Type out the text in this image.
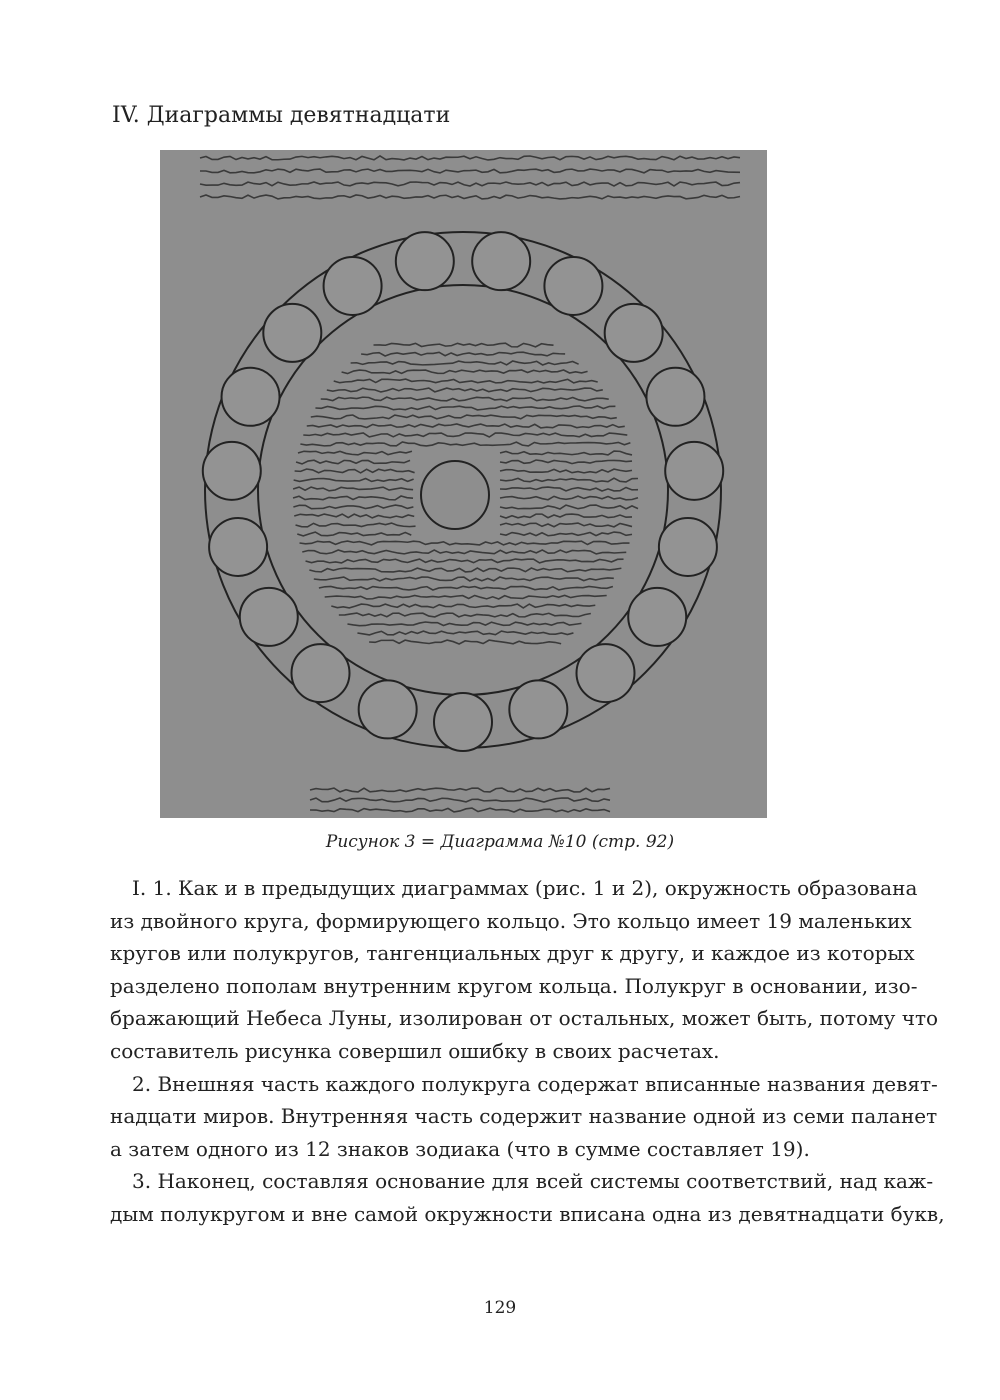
IV. Диаграммы девятнадцати
Рисунок 3 = Диаграмма №10 (стр. 92)
I. 1. Как и в предыдущих диаграммах (рис. 1 и 2), окружность образована
из двойного круга, формирующего кольцо. Это кольцо имеет 19 маленьких
кругов или полукругов, тангенциальных друг к другу, и каждое из которых
разделено пополам внутренним кругом кольца. Полукруг в основании, изо-
бражающий Небеса Луны, изолирован от остальных, может быть, потому что
составитель рисунка совершил ошибку в своих расчетах.
2. Внешняя часть каждого полукруга содержат вписанные названия девят-
надцати миров. Внутренняя часть содержит название одной из семи паланет
а затем одного из 12 знаков зодиака (что в сумме составляет 19).
3. Наконец, составляя основание для всей системы соответствий, над каж-
дым полукругом и вне самой окружности вписана одна из девятнадцати букв,
129
